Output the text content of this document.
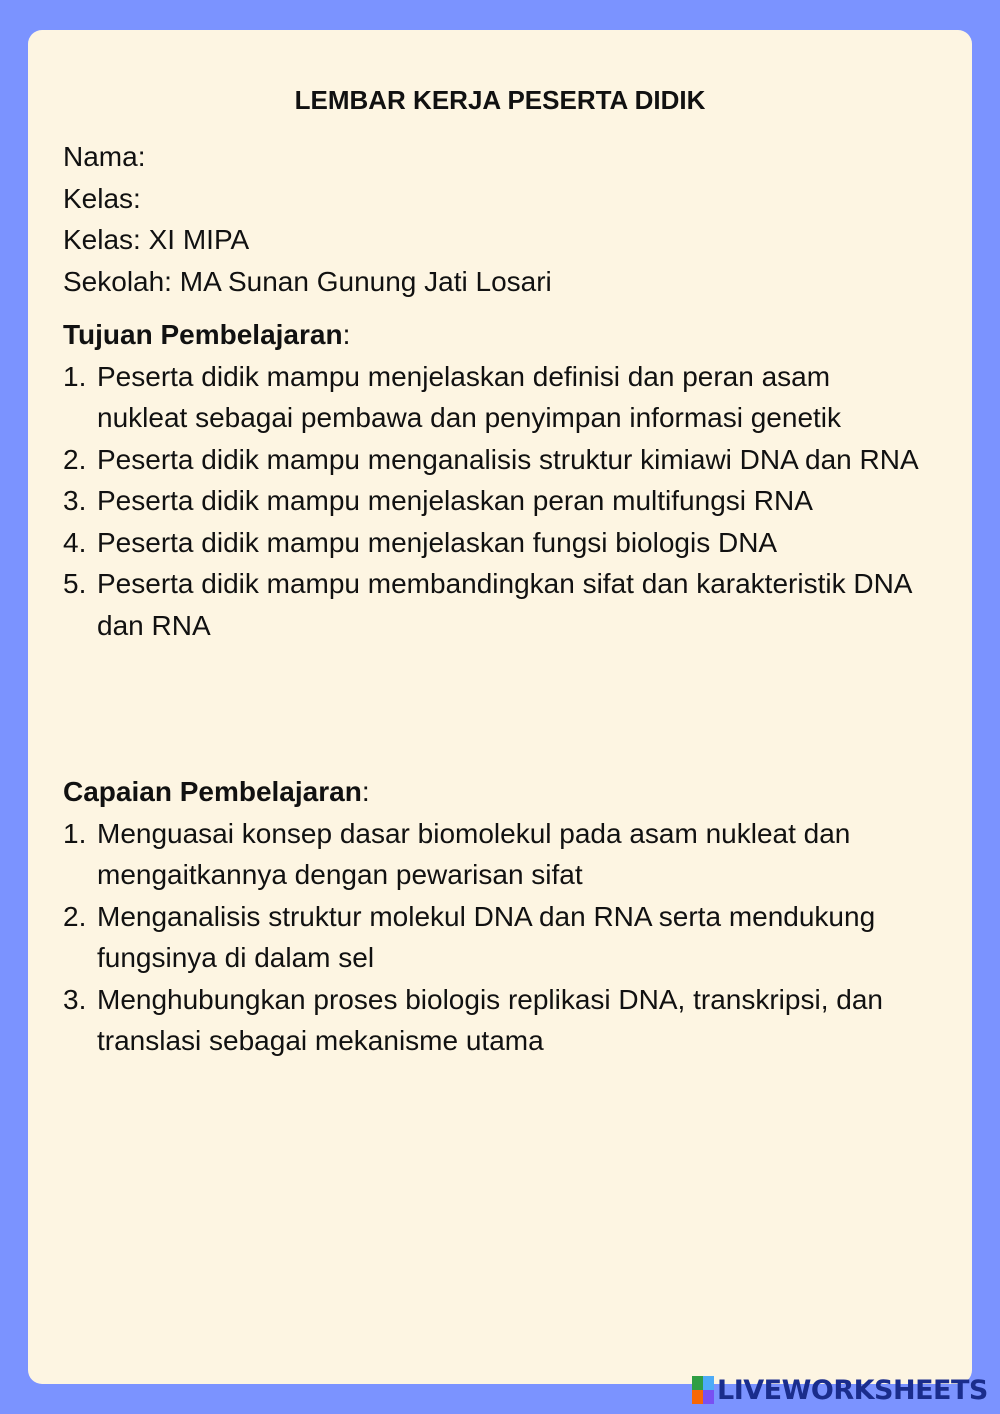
LEMBAR KERJA PESERTA DIDIK
Nama:
Kelas:
Kelas: XI MIPA
Sekolah: MA Sunan Gunung Jati Losari
Tujuan Pembelajaran:
1. Peserta didik mampu menjelaskan definisi dan peran asam nukleat sebagai pembawa dan penyimpan informasi genetik
2. Peserta didik mampu menganalisis struktur kimiawi DNA dan RNA
3. Peserta didik mampu menjelaskan peran multifungsi RNA
4. Peserta didik mampu menjelaskan fungsi biologis DNA
5. Peserta didik mampu membandingkan sifat dan karakteristik DNA dan RNA
Capaian Pembelajaran:
1. Menguasai konsep dasar biomolekul pada asam nukleat dan mengaitkannya dengan pewarisan sifat
2. Menganalisis struktur molekul DNA dan RNA serta mendukung fungsinya di dalam sel
3. Menghubungkan proses biologis replikasi DNA, transkripsi, dan translasi sebagai mekanisme utama
LIVEWORKSHEETS
